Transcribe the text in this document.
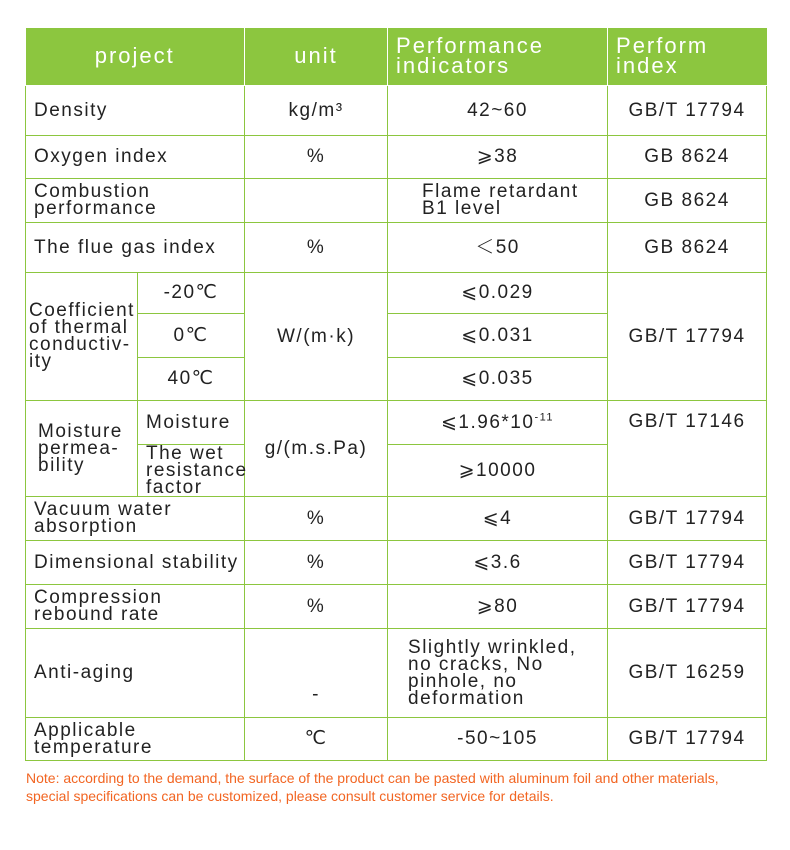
project		unit	Performance indicators	Perform index
Density		kg/m³	42~60	GB/T 17794
Oxygen index		%	⩾38	GB 8624
Combustion performance			Flame retardant B1 level	GB 8624
The flue gas index		%	＜50	GB 8624
Coefficient of thermal conductiv-ity	-20℃	W/(m·k)	⩽0.029	GB/T 17794
	0℃		⩽0.031	
	40℃		⩽0.035	
Moisture permea-bility	Moisture	g/(m.s.Pa)	$⩽1.96*10^{-11}$	GB/T 17146
	The wet resistance factor		⩾10000	
Vacuum water absorption		%	⩽4	GB/T 17794
Dimensional stability		%	⩽3.6	GB/T 17794
Compression rebound rate		%	⩾80	GB/T 17794
Anti-aging		-	Slightly wrinkled, no cracks, No pinhole, no deformation	GB/T 16259
Applicable temperature		℃	-50~105	GB/T 17794
Note: according to the demand, the surface of the product can be pasted with aluminum foil and other materials, special specifications can be customized, please consult customer service for details.
